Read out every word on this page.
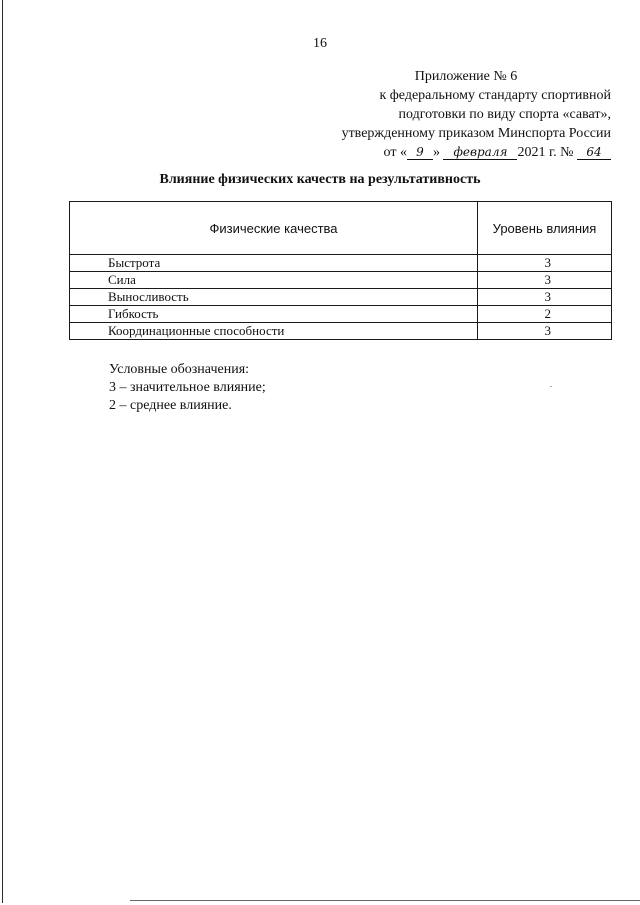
16
Приложение № 6
к федеральному стандарту спортивной
подготовки по виду спорта «сават»,
утвержденному приказом Минспорта России
от « 9 » февраля 2021 г. № 64
Влияние физических качеств на результативность
Физические качества	Уровень влияния
Быстрота	3
Сила	3
Выносливость	3
Гибкость	2
Координационные способности	3
Условные обозначения:
3 – значительное влияние;
2 – среднее влияние.
